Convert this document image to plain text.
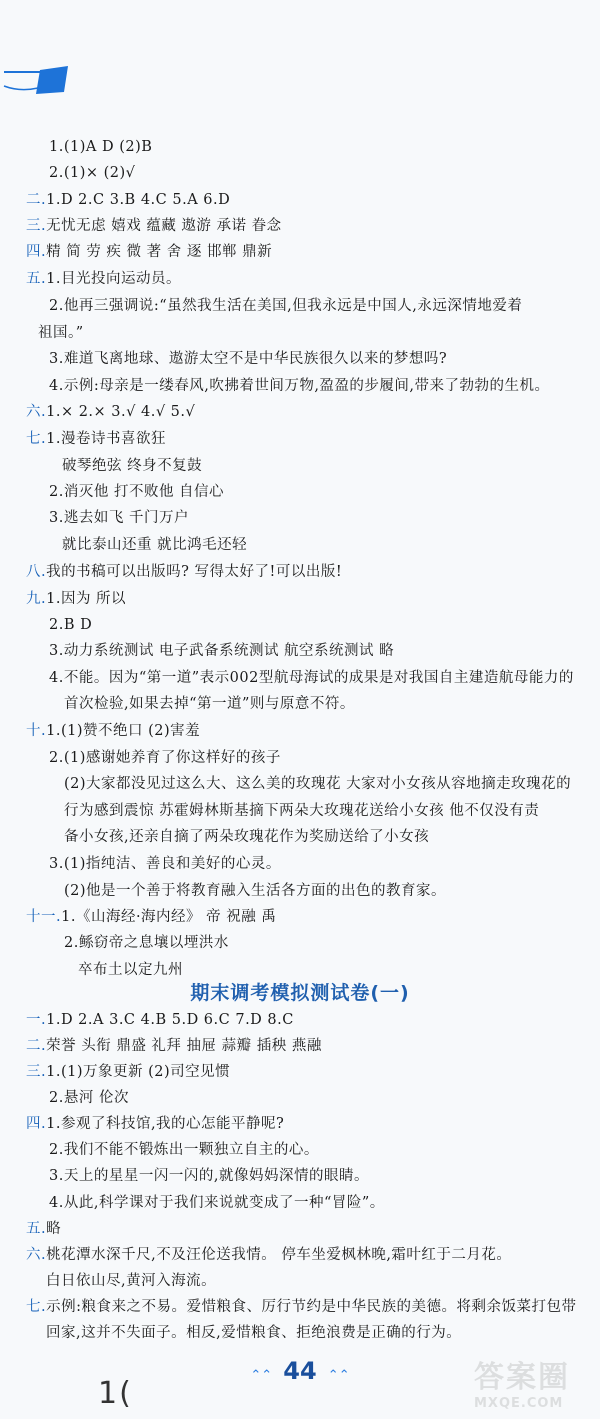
1.(1)A D (2)B
2.(1)× (2)√
二.1.D 2.C 3.B 4.C 5.A 6.D
三.无忧无虑 嬉戏 蕴藏 遨游 承诺 眷念
四.精 简 劳 疾 微 著 舍 逐 邯郸 鼎新
五.1.目光投向运动员。
2.他再三强调说:“虽然我生活在美国,但我永远是中国人,永远深情地爱着
祖国。”
3.难道飞离地球、遨游太空不是中华民族很久以来的梦想吗?
4.示例:母亲是一缕春风,吹拂着世间万物,盈盈的步履间,带来了勃勃的生机。
六.1.× 2.× 3.√ 4.√ 5.√
七.1.漫卷诗书喜欲狂
破琴绝弦 终身不复鼓
2.消灭他 打不败他 自信心
3.逃去如飞 千门万户
就比泰山还重 就比鸿毛还轻
八.我的书稿可以出版吗? 写得太好了!可以出版!
九.1.因为 所以
2.B D
3.动力系统测试 电子武备系统测试 航空系统测试 略
4.不能。因为“第一道”表示002型航母海试的成果是对我国自主建造航母能力的
首次检验,如果去掉“第一道”则与原意不符。
十.1.(1)赞不绝口 (2)害羞
2.(1)感谢她养育了你这样好的孩子
(2)大家都没见过这么大、这么美的玫瑰花 大家对小女孩从容地摘走玫瑰花的
行为感到震惊 苏霍姆林斯基摘下两朵大玫瑰花送给小女孩 他不仅没有责
备小女孩,还亲自摘了两朵玫瑰花作为奖励送给了小女孩
3.(1)指纯洁、善良和美好的心灵。
(2)他是一个善于将教育融入生活各方面的出色的教育家。
十一.1.《山海经·海内经》 帝 祝融 禹
2.鲧窃帝之息壤以堙洪水
卒布土以定九州
一.1.D 2.A 3.C 4.B 5.D 6.C 7.D 8.C
二.荣誉 头衔 鼎盛 礼拜 抽屉 蒜瓣 插秧 燕融
三.1.(1)万象更新 (2)司空见惯
2.悬河 伦次
四.1.参观了科技馆,我的心怎能平静呢?
2.我们不能不锻炼出一颗独立自主的心。
3.天上的星星一闪一闪的,就像妈妈深情的眼睛。
4.从此,科学课对于我们来说就变成了一种“冒险”。
五.略
六.桃花潭水深千尺,不及汪伦送我情。 停车坐爱枫林晚,霜叶红于二月花。
白日依山尽,黄河入海流。
七.示例:粮食来之不易。爱惜粮食、厉行节约是中华民族的美德。将剩余饭菜打包带
回家,这并不失面子。相反,爱惜粮食、拒绝浪费是正确的行为。
期末调考模拟测试卷(一)
⌃⌃ 44 ⌃⌃
1(	答案圈
MXQE.COM
